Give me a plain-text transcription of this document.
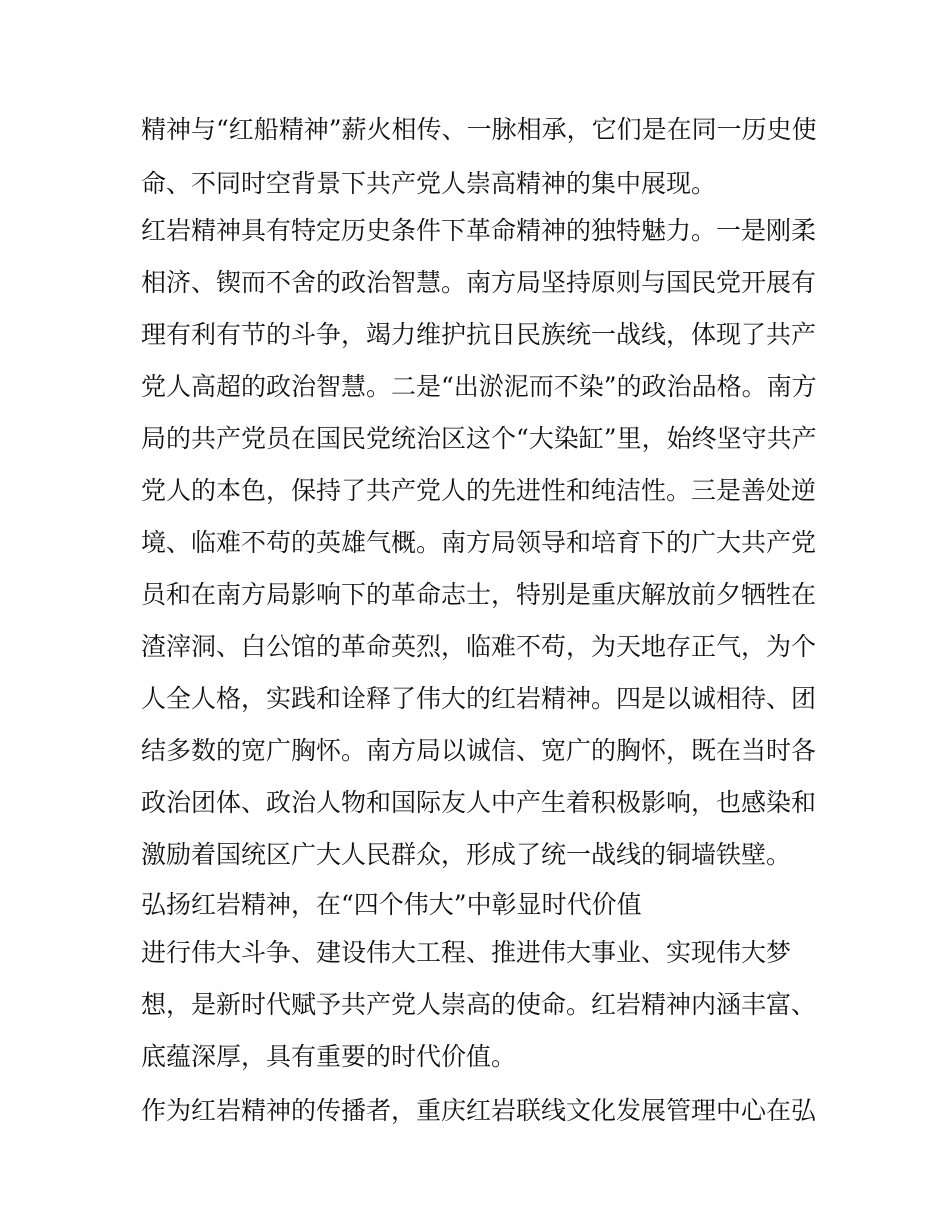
精神与“红船精神”薪火相传、一脉相承，它们是在同一历史使
命、不同时空背景下共产党人崇高精神的集中展现。
红岩精神具有特定历史条件下革命精神的独特魅力。一是刚柔
相济、锲而不舍的政治智慧。南方局坚持原则与国民党开展有
理有利有节的斗争，竭力维护抗日民族统一战线，体现了共产
党人高超的政治智慧。二是“出淤泥而不染”的政治品格。南方
局的共产党员在国民党统治区这个“大染缸”里，始终坚守共产
党人的本色，保持了共产党人的先进性和纯洁性。三是善处逆
境、临难不苟的英雄气概。南方局领导和培育下的广大共产党
员和在南方局影响下的革命志士，特别是重庆解放前夕牺牲在
渣滓洞、白公馆的革命英烈，临难不苟，为天地存正气，为个
人全人格，实践和诠释了伟大的红岩精神。四是以诚相待、团
结多数的宽广胸怀。南方局以诚信、宽广的胸怀，既在当时各
政治团体、政治人物和国际友人中产生着积极影响，也感染和
激励着国统区广大人民群众，形成了统一战线的铜墙铁壁。
弘扬红岩精神，在“四个伟大”中彰显时代价值
进行伟大斗争、建设伟大工程、推进伟大事业、实现伟大梦
想，是新时代赋予共产党人崇高的使命。红岩精神内涵丰富、
底蕴深厚，具有重要的时代价值。
作为红岩精神的传播者，重庆红岩联线文化发展管理中心在弘
